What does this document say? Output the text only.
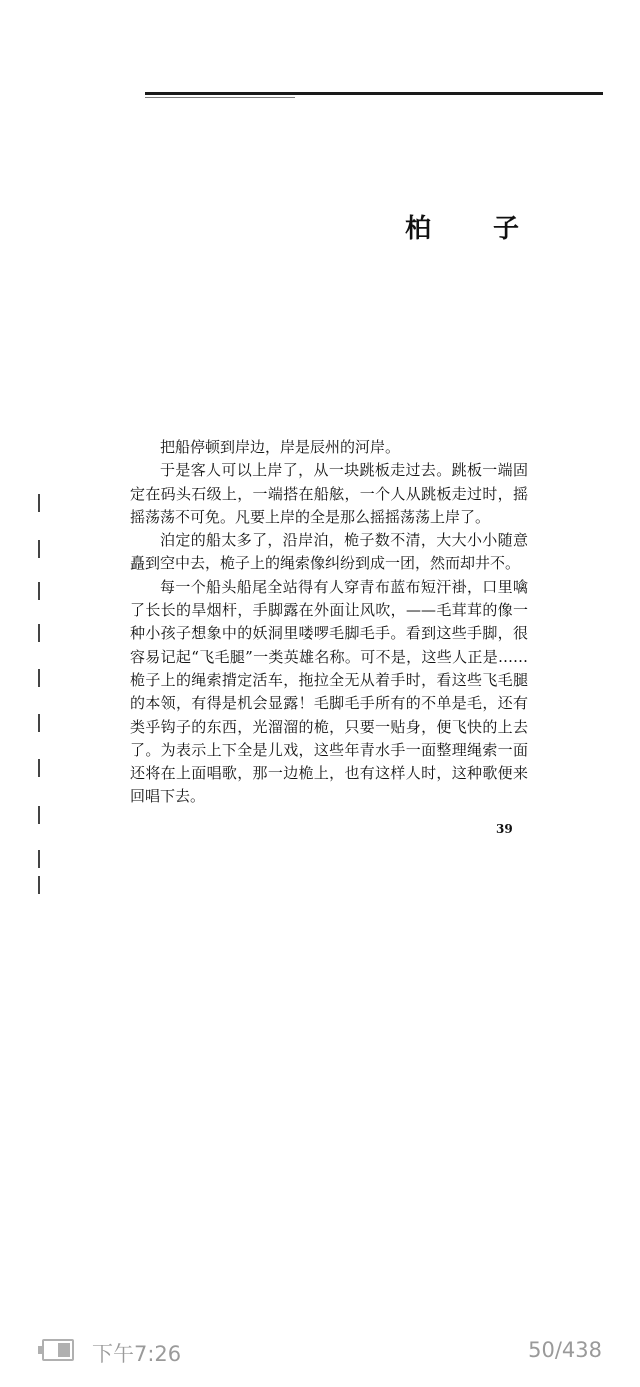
柏子

把船停顿到岸边，岸是辰州的河岸。

于是客人可以上岸了，从一块跳板走过去。跳板一端固定在码头石级上，一端搭在船舷，一个人从跳板走过时，摇摇荡荡不可免。凡要上岸的全是那么摇摇荡荡上岸了。

泊定的船太多了，沿岸泊，桅子数不清，大大小小随意矗到空中去，桅子上的绳索像纠纷到成一团，然而却井不。

每一个船头船尾全站得有人穿青布蓝布短汗褂，口里噙了长长的旱烟杆，手脚露在外面让风吹，——毛茸茸的像一种小孩子想象中的妖洞里喽啰毛脚毛手。看到这些手脚，很容易记起“飞毛腿”一类英雄名称。可不是，这些人正是……桅子上的绳索揹定活车，拖拉全无从着手时，看这些飞毛腿的本领，有得是机会显露！毛脚毛手所有的不单是毛，还有类乎钩子的东西，光溜溜的桅，只要一贴身，便飞快的上去了。为表示上下全是儿戏，这些年青水手一面整理绳索一面还将在上面唱歌，那一边桅上，也有这样人时，这种歌便来回唱下去。

39
下午7:26	50/438
